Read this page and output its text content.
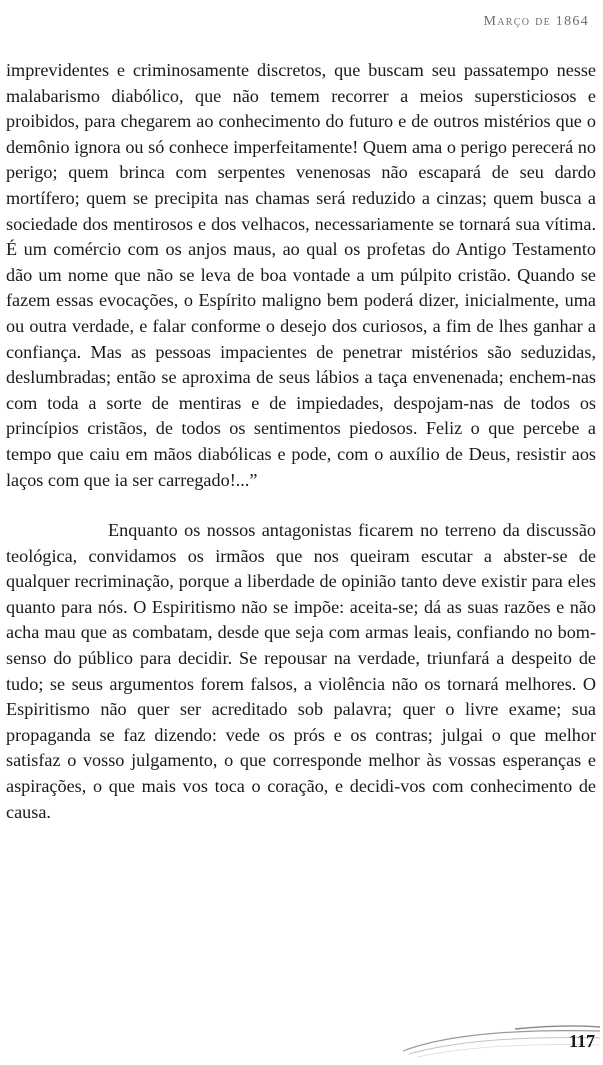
Março de 1864

imprevidentes e criminosamente discretos, que buscam seu passatempo nesse malabarismo diabólico, que não temem recorrer a meios supersticiosos e proibidos, para chegarem ao conhecimento do futuro e de outros mistérios que o demônio ignora ou só conhece imperfeitamente! Quem ama o perigo perecerá no perigo; quem brinca com serpentes venenosas não escapará de seu dardo mortífero; quem se precipita nas chamas será reduzido a cinzas; quem busca a sociedade dos mentirosos e dos velhacos, necessariamente se tornará sua vítima. É um comércio com os anjos maus, ao qual os profetas do Antigo Testamento dão um nome que não se leva de boa vontade a um púlpito cristão. Quando se fazem essas evocações, o Espírito maligno bem poderá dizer, inicialmente, uma ou outra verdade, e falar conforme o desejo dos curiosos, a fim de lhes ganhar a confiança. Mas as pessoas impacientes de penetrar mistérios são seduzidas, deslumbradas; então se aproxima de seus lábios a taça envenenada; enchem-nas com toda a sorte de mentiras e de impiedades, despojam-nas de todos os princípios cristãos, de todos os sentimentos piedosos. Feliz o que percebe a tempo que caiu em mãos diabólicas e pode, com o auxílio de Deus, resistir aos laços com que ia ser carregado!...”

Enquanto os nossos antagonistas ficarem no terreno da discussão teológica, convidamos os irmãos que nos queiram escutar a abster-se de qualquer recriminação, porque a liberdade de opinião tanto deve existir para eles quanto para nós. O Espiritismo não se impõe: aceita-se; dá as suas razões e não acha mau que as combatam, desde que seja com armas leais, confiando no bom-senso do público para decidir. Se repousar na verdade, triunfará a despeito de tudo; se seus argumentos forem falsos, a violência não os tornará melhores. O Espiritismo não quer ser acreditado sob palavra; quer o livre exame; sua propaganda se faz dizendo: vede os prós e os contras; julgai o que melhor satisfaz o vosso julgamento, o que corresponde melhor às vossas esperanças e aspirações, o que mais vos toca o coração, e decidi-vos com conhecimento de causa.

117
